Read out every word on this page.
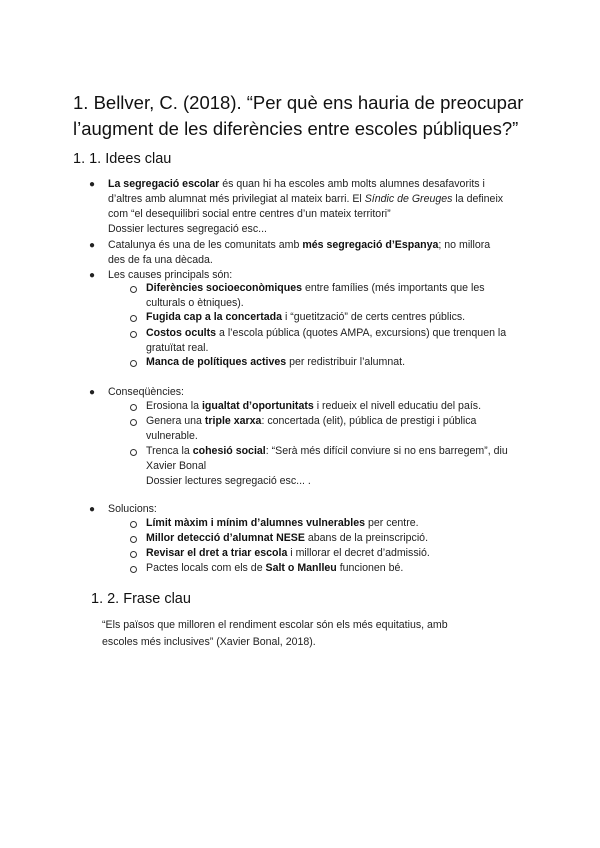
1. Bellver, C. (2018). “Per què ens hauria de preocupar l’augment de les diferències entre escoles públiques?”
1. 1. Idees clau
● La segregació escolar és quan hi ha escoles amb molts alumnes desafavorits i
d’altres amb alumnat més privilegiat al mateix barri. El Síndic de Greuges la defineix
com “el desequilibri social entre centres d’un mateix territori”
Dossier lectures segregació esc...
● Catalunya és una de les comunitats amb més segregació d’Espanya; no millora
des de fa una dècada.
● Les causes principals són:
Diferències socioeconòmiques entre famílies (més importants que les
culturals o ètniques).
Fugida cap a la concertada i “guetització” de certs centres públics.
Costos ocults a l’escola pública (quotes AMPA, excursions) que trenquen la
gratuïtat real.
Manca de polítiques actives per redistribuir l’alumnat.
● Conseqüències:
Erosiona la igualtat d’oportunitats i redueix el nivell educatiu del país.
Genera una triple xarxa: concertada (elit), pública de prestigi i pública
vulnerable.
Trenca la cohesió social: “Serà més difícil conviure si no ens barregem”, diu
Xavier Bonal
Dossier lectures segregació esc... .
● Solucions:
Límit màxim i mínim d’alumnes vulnerables per centre.
Millor detecció d’alumnat NESE abans de la preinscripció.
Revisar el dret a triar escola i millorar el decret d’admissió.
Pactes locals com els de Salt o Manlleu funcionen bé.
1. 2. Frase clau
“Els països que milloren el rendiment escolar són els més equitatius, amb
escoles més inclusives” (Xavier Bonal, 2018).
